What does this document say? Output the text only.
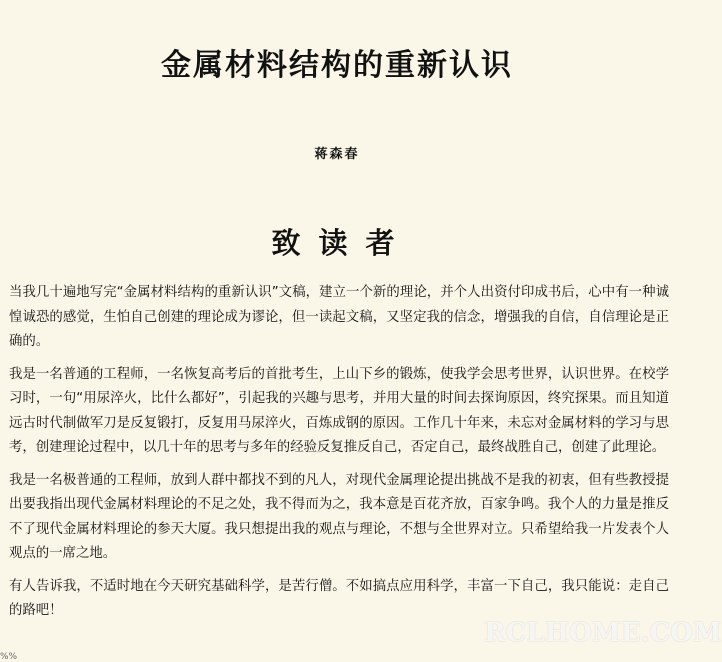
金属材料结构的重新认识
蒋森春
致读者

当我几十遍地写完“金属材料结构的重新认识”文稿，建立一个新的理论，并个人出资付印成书后，心中有一种诚惶诚恐的感觉，生怕自己创建的理论成为谬论，但一读起文稿，又坚定我的信念，增强我的自信，自信理论是正确的。

我是一名普通的工程师，一名恢复高考后的首批考生，上山下乡的锻炼，使我学会思考世界，认识世界。在校学习时，一句“用尿淬火，比什么都好”，引起我的兴趣与思考，并用大量的时间去探询原因，终究探果。而且知道远古时代制做军刀是反复锻打，反复用马尿淬火，百炼成钢的原因。工作几十年来，未忘对金属材料的学习与思考，创建理论过程中，以几十年的思考与多年的经验反复推反自己，否定自己，最终战胜自己，创建了此理论。

我是一名极普通的工程师，放到人群中都找不到的凡人，对现代金属理论提出挑战不是我的初衷，但有些教授提出要我指出现代金属材料理论的不足之处，我不得而为之，我本意是百花齐放，百家争鸣。我个人的力量是推反不了现代金属材料理论的参天大厦。我只想提出我的观点与理论，不想与全世界对立。只希望给我一片发表个人观点的一席之地。

有人告诉我，不适时地在今天研究基础科学，是苦行僧。不如搞点应用科学，丰富一下自己，我只能说：走自己的路吧！

RCLHOME.COM
%%
